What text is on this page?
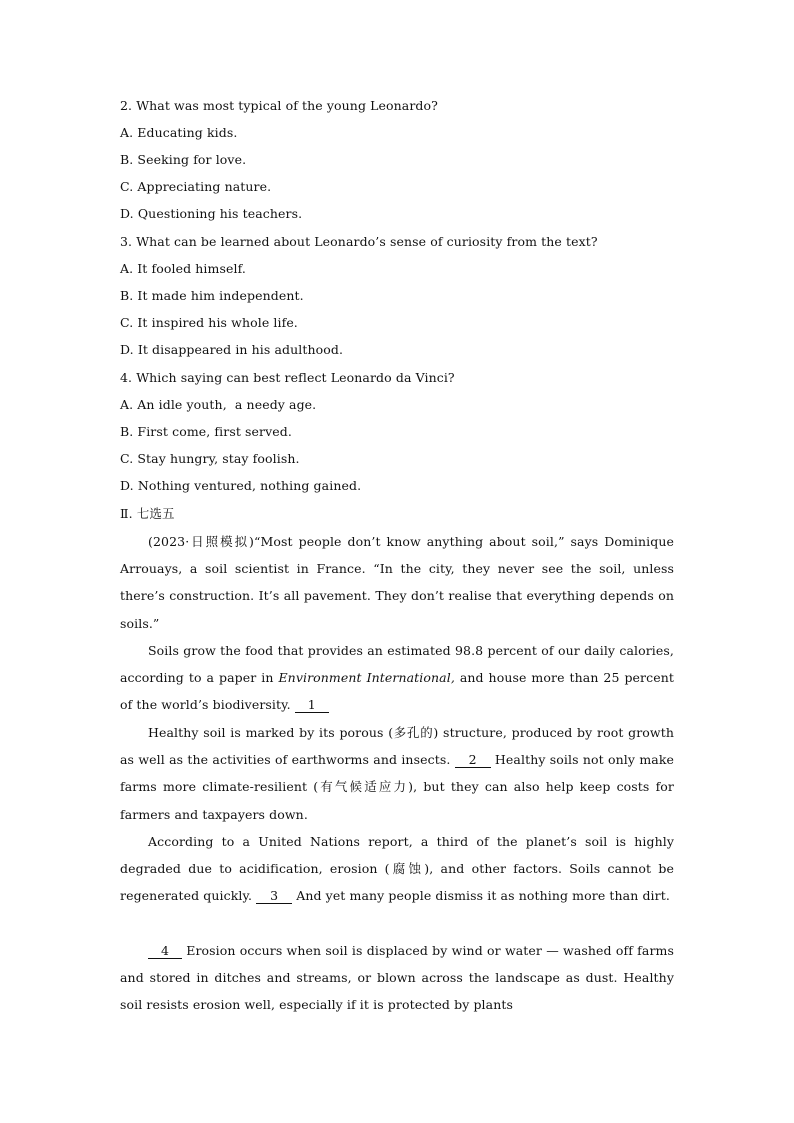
2. What was most typical of the young Leonardo?
A. Educating kids.
B. Seeking for love.
C. Appreciating nature.
D. Questioning his teachers.
3. What can be learned about Leonardo’s sense of curiosity from the text?
A. It fooled himself.
B. It made him independent.
C. It inspired his whole life.
D. It disappeared in his adulthood.
4. Which saying can best reflect Leonardo da Vinci?
A. An idle youth,  a needy age.
B. First come, first served.
C. Stay hungry, stay foolish.
D. Nothing ventured, nothing gained.
Ⅱ. 七选五
(2023·日照模拟)“Most people don’t know anything about soil,” says Dominique Arrouays, a soil scientist in France. “In the city, they never see the soil, unless there’s construction. It’s all pavement. They don’t realise that everything depends on soils.”
Soils grow the food that provides an estimated 98.8 percent of our daily calories, according to a paper in Environment International, and house more than 25 percent of the world’s biodiversity. 1
Healthy soil is marked by its porous (多孔的) structure, produced by root growth as well as the activities of earthworms and insects. 2 Healthy soils not only make farms more climate-resilient (有气候适应力), but they can also help keep costs for farmers and taxpayers down.
According to a United Nations report, a third of the planet’s soil is highly degraded due to acidification, erosion (腐蚀), and other factors. Soils cannot be regenerated quickly. 3 And yet many people dismiss it as nothing more than dirt.
4 Erosion occurs when soil is displaced by wind or water — washed off farms and stored in ditches and streams, or blown across the landscape as dust. Healthy soil resists erosion well, especially if it is protected by plants
